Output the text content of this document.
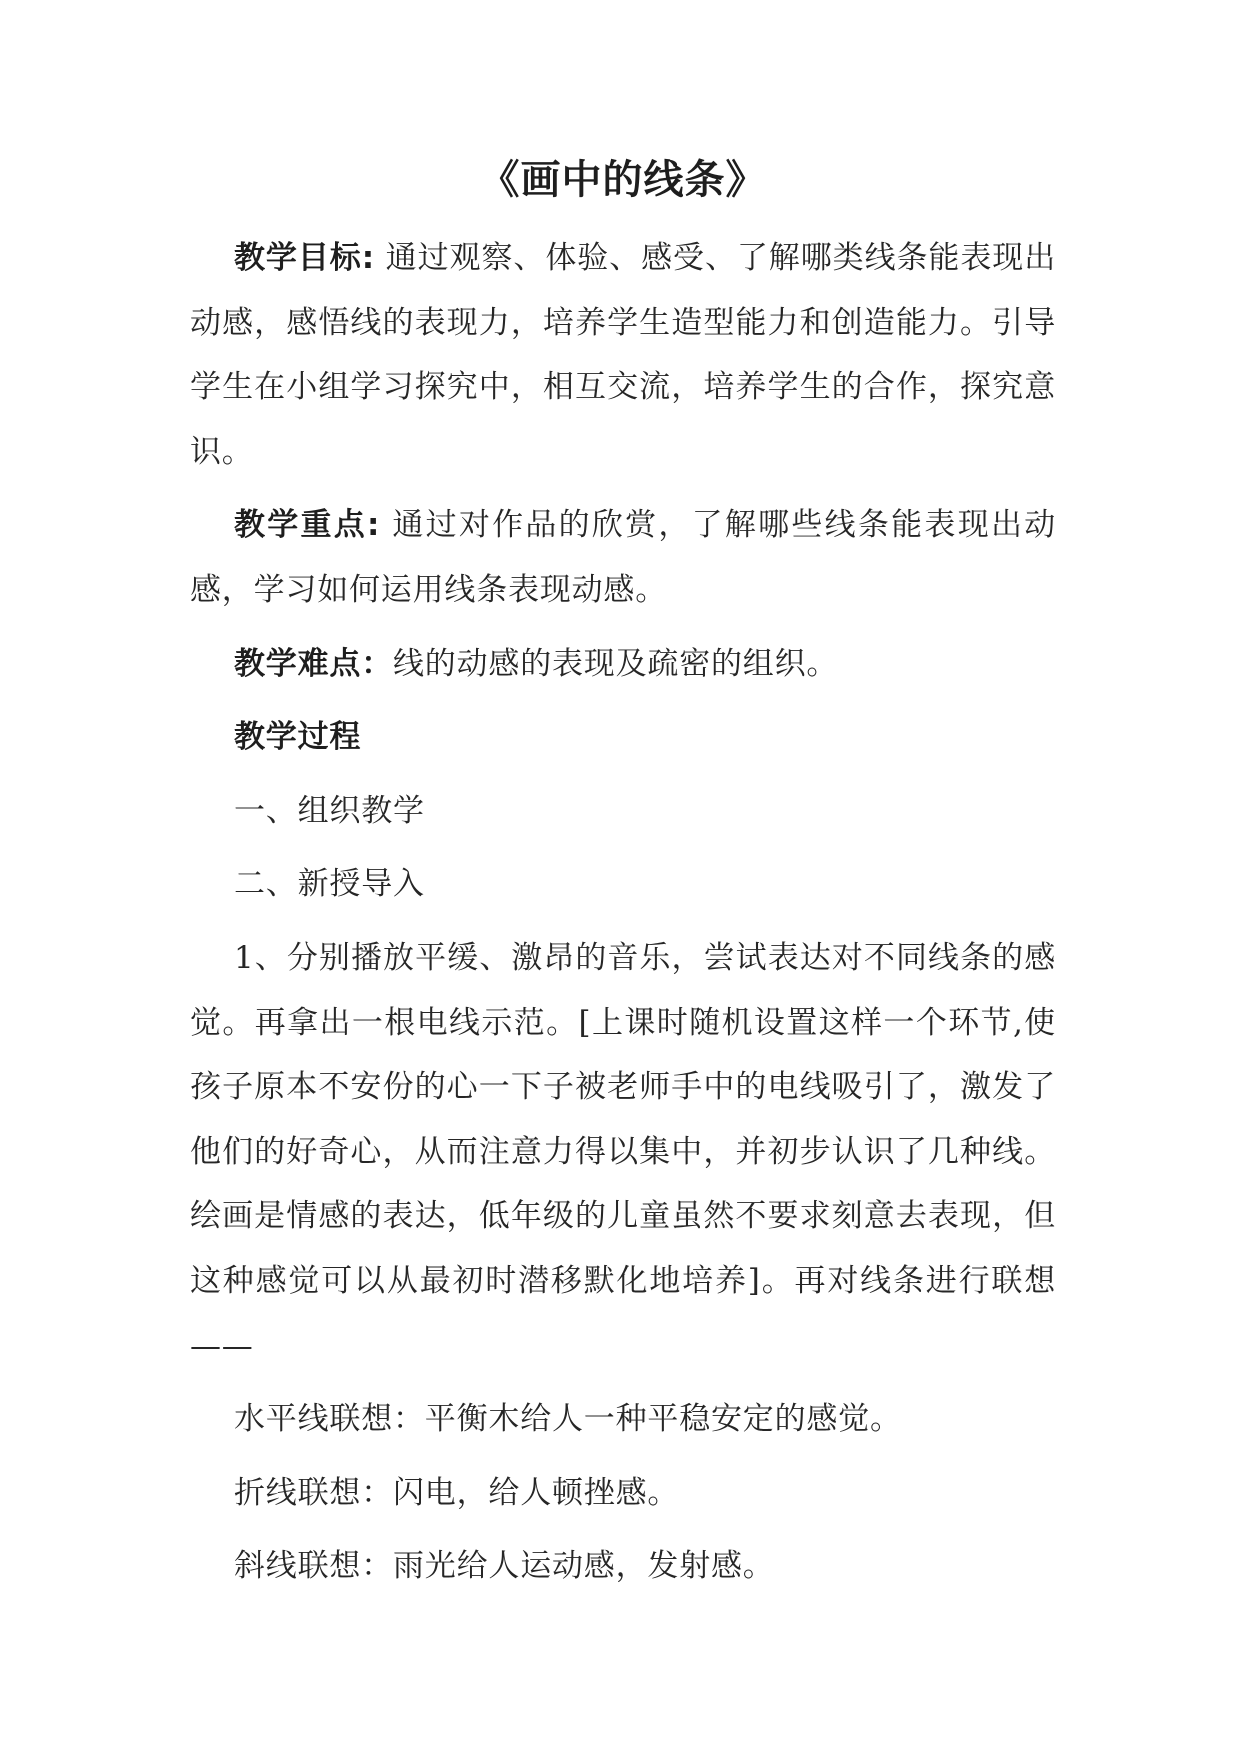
《画中的线条》

教学目标: 通过观察、体验、感受、了解哪类线条能表现出动感，感悟线的表现力，培养学生造型能力和创造能力。引导学生在小组学习探究中，相互交流，培养学生的合作，探究意识。

教学重点: 通过对作品的欣赏，了解哪些线条能表现出动感，学习如何运用线条表现动感。

教学难点：线的动感的表现及疏密的组织。

教学过程

一、组织教学

二、新授导入

1、分别播放平缓、激昂的音乐，尝试表达对不同线条的感觉。再拿出一根电线示范。[上课时随机设置这样一个环节,使孩子原本不安份的心一下子被老师手中的电线吸引了，激发了他们的好奇心，从而注意力得以集中，并初步认识了几种线。绘画是情感的表达，低年级的儿童虽然不要求刻意去表现，但这种感觉可以从最初时潜移默化地培养]。再对线条进行联想——

水平线联想：平衡木给人一种平稳安定的感觉。

折线联想：闪电，给人顿挫感。

斜线联想：雨光给人运动感，发射感。
